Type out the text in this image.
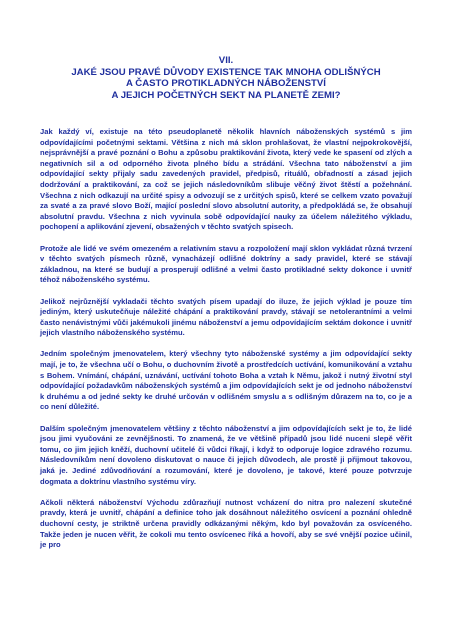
VII.
JAKÉ JSOU PRAVÉ DŮVODY EXISTENCE TAK MNOHA ODLIŠNÝCH
A ČASTO PROTIKLADNÝCH NÁBOŽENSTVÍ
A JEJICH POČETNÝCH SEKT NA PLANETĚ ZEMI?

Jak každý ví, existuje na této pseudoplanetě několik hlavních náboženských systémů s jim odpovídajícími početnými sektami. Většina z nich má sklon prohlašovat, že vlastní nejpokrokovější, nejsprávnější a pravé poznání o Bohu a způsobu praktikování života, který vede ke spasení od zlých a negativních sil a od odporného života plného bídu a strádání. Všechna tato náboženství a jim odpovídající sekty přijaly sadu zavedených pravidel, předpisů, rituálů, obřadností a zásad jejich dodržování a praktikování, za což se jejich následovníkům slibuje věčný život štěstí a požehnání. Všechna z nich odkazují na určité spisy a odvozují se z určitých spisů, které se celkem vzato považují za svaté a za pravé slovo Boží, mající poslední slovo absolutní autority, a předpokládá se, že obsahují absolutní pravdu. Všechna z nich vyvinula sobě odpovídající nauky za účelem náležitého výkladu, pochopení a aplikování zjevení, obsažených v těchto svatých spisech.

Protože ale lidé ve svém omezeném a relativním stavu a rozpoložení mají sklon vykládat různá tvrzení v těchto svatých písmech různě, vynacházejí odlišné doktríny a sady pravidel, které se stávají základnou, na které se budují a prosperují odlišné a velmi často protikladné sekty dokonce i uvnitř téhož náboženského systému.

Jelikož nejrůznější vykladači těchto svatých písem upadají do iluze, že jejich výklad je pouze tím jediným, který uskutečňuje náležité chápání a praktikování pravdy, stávají se netolerantními a velmi často nenávistnými vůči jakémukoli jinému náboženství a jemu odpovídajícím sektám dokonce i uvnitř jejich vlastního náboženského systému.

Jedním společným jmenovatelem, který všechny tyto náboženské systémy a jim odpovídající sekty mají, je to, že všechna učí o Bohu, o duchovním životě a prostředcích uctívání, komunikování a vztahu s Bohem. Vnímání, chápání, uznávání, uctívání tohoto Boha a vztah k Němu, jakož i nutný životní styl odpovídající požadavkům náboženských systémů a jim odpovídajících sekt je od jednoho náboženství k druhému a od jedné sekty ke druhé určován v odlišném smyslu a s odlišným důrazem na to, co je a co není důležité.

Dalším společným jmenovatelem většiny z těchto náboženství a jim odpovídajících sekt je to, že lidé jsou jimi vyučováni ze zevnějšnosti. To znamená, že ve většině případů jsou lidé nuceni slepě věřit tomu, co jim jejich kněží, duchovní učitelé či vůdci říkají, i když to odporuje logice zdravého rozumu. Následovníkům není dovoleno diskutovat o nauce či jejich důvodech, ale prostě ji přijmout takovou, jaká je. Jediné zdůvodňování a rozumování, které je dovoleno, je takové, které pouze potvrzuje dogmata a doktrínu vlastního systému víry.

Ačkoli některá náboženství Východu zdůrazňují nutnost vcházení do nitra pro nalezení skutečné pravdy, která je uvnitř, chápání a definice toho jak dosáhnout náležitého osvícení a poznání ohledně duchovní cesty, je striktně určena pravidly odkázanými někým, kdo byl považován za osvíceného. Takže jeden je nucen věřit, že cokoli mu tento osvícenec říká a hovoří, aby se své vnější pozice učinil, je pro
